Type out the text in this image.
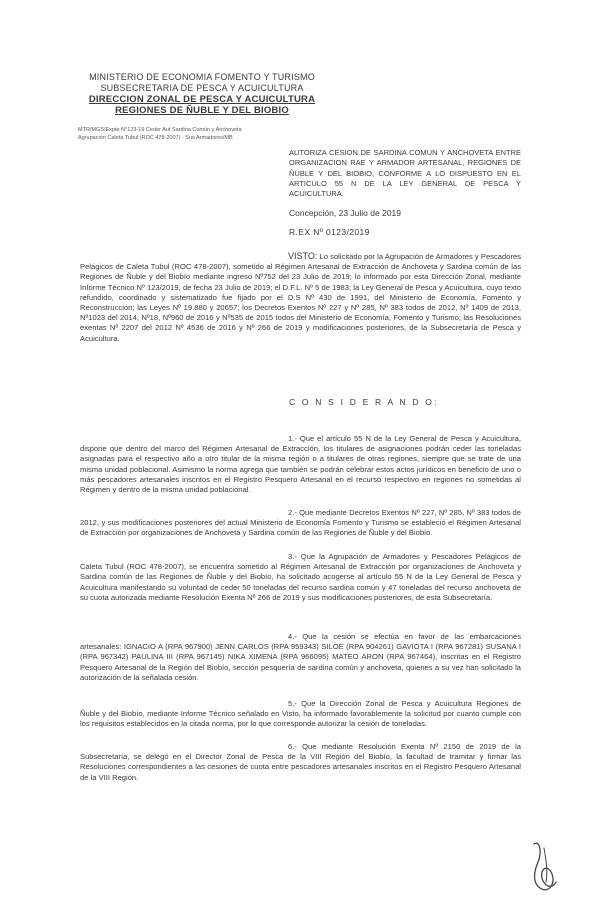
MINISTERIO DE ECONOMIA FOMENTO Y TURISMO
SUBSECRETARIA DE PESCA Y ACUICULTURA
DIRECCION ZONAL DE PESCA Y ACUICULTURA
REGIONES DE ÑUBLE Y DEL BIOBIO
MTR/MGS/Expte N°123-19 Ceder Aut Sardina Común y Anchoveta
Agrupación Caleta Tubul (ROC 478-2007) - Sus Armadores/MB
AUTORIZA CESION DE SARDINA COMUN Y ANCHOVETA ENTRE ORGANIZACION RAE Y ARMADOR ARTESANAL, REGIONES DE ÑUBLE Y DEL BIOBIO, CONFORME A LO DISPUESTO EN EL ARTICULO 55 N DE LA LEY GENERAL DE PESCA Y ACUICULTURA.
Concepción, 23 Julio de 2019
R.EX Nº 0123/2019
VISTO: Lo solicitado por la Agrupación de Armadores y Pescadores Pelágicos de Caleta Tubul (ROC 478-2007), sometido al Régimen Artesanal de Extracción de Anchoveta y Sardina común de las Regiones de Ñuble y del Biobío mediante ingreso Nº752 del 23 Julio de 2019; lo informado por esta Dirección Zonal, mediante Informe Técnico Nº 123/2019, de fecha 23 Julio de 2019; el D.F.L. Nº 5 de 1983; la Ley General de Pesca y Acuicultura, cuyo texto refundido, coordinado y sistematizado fue fijado por el D.S Nº 430 de 1991, del Ministerio de Economía, Fomento y Reconstrucción; las Leyes Nº 19.880 y 20657; los Decretos Exentos Nº 227 y Nº 285, Nº 383 todos de 2012, Nº 1409 de 2013, Nº1023 del 2014, Nº18, Nº960 de 2016 y Nº535 de 2015 todos del Ministerio de Economía, Fomento y Turismo; las Resoluciones exentas Nº 2207 del 2012 Nº 4536 de 2016 y Nº 266 de 2019 y modificaciones posteriores, de la Subsecretaría de Pesca y Acuicultura.
C O N S I D E R A N D O:

1.- Que el artículo 55 N de la Ley General de Pesca y Acuicultura, dispone que dentro del marco del Régimen Artesanal de Extracción, los titulares de asignaciones podrán ceder las toneladas asignadas para el respectivo año a otro titular de la misma región o a titulares de otras regiones, siempre que se trate de una misma unidad poblacional. Asimismo la norma agrega que también se podrán celebrar estos actos jurídicos en beneficio de uno o más pescadores artesanales inscritos en el Registro Pesquero Artesanal en el recurso respectivo en regiones no sometidas al Régimen y dentro de la misma unidad poblacional.

2.- Que mediante Decretos Exentos Nº 227, Nº 285, Nº 383 todos de 2012, y sus modificaciones posteriores del actual Ministerio de Economía Fomento y Turismo se estableció el Régimen Artesanal de Extracción por organizaciones de Anchoveta y Sardina común de las Regiones de Ñuble y del Biobío.

3.- Que la Agrupación de Armadores y Pescadores Pelágicos de Caleta Tubul (ROC 478-2007), se encuentra sometido al Régimen Artesanal de Extracción por organizaciones de Anchoveta y Sardina común de las Regiones de Ñuble y del Biobío, ha solicitado acogerse al artículo 55 N de la Ley General de Pesca y Acuicultura manifestando su voluntad de ceder 50 toneladas del recurso sardina común y 47 toneladas del recurso anchoveta de su cuota autorizada mediante Resolución Exenta Nº 266 de 2019 y sus modificaciones posteriores, de esta Subsecretaría.

4.- Que la cesión se efectúa en favor de las embarcaciones artesanales: IGNACIO A (RPA 967900) JENN CARLOS (RPA 959343) SILOE (RPA 904261) GAVIOTA I (RPA 967281) SUSANA I (RPA 967342) PAULINA III (RPA 967145) NIKA XIMENA (RPA 966095) MATEO ARON (RPA 967464), inscritas en el Registro Pesquero Artesanal de la Región del Biobío, sección pesquería de sardina común y anchoveta, quienes a su vez han solicitado la autorización de la señalada cesión.

5.- Que la Dirección Zonal de Pesca y Acuicultura Regiones de Ñuble y del Biobío, mediante Informe Técnico señalado en Visto, ha informado favorablemente la solicitud por cuanto cumple con los requisitos establecidos en la citada norma, por lo que corresponde autorizar la cesión de toneladas.

6.- Que mediante Resolución Exenta Nº 2150 de 2019 de la Subsecretaría, se delegó en el Director Zonal de Pesca de la VIII Región del Biobío, la facultad de tramitar y firmar las Resoluciones correspondientes a las cesiones de cuota entre pescadores artesanales inscritos en el Registro Pesquero Artesanal de la VIII Región.
